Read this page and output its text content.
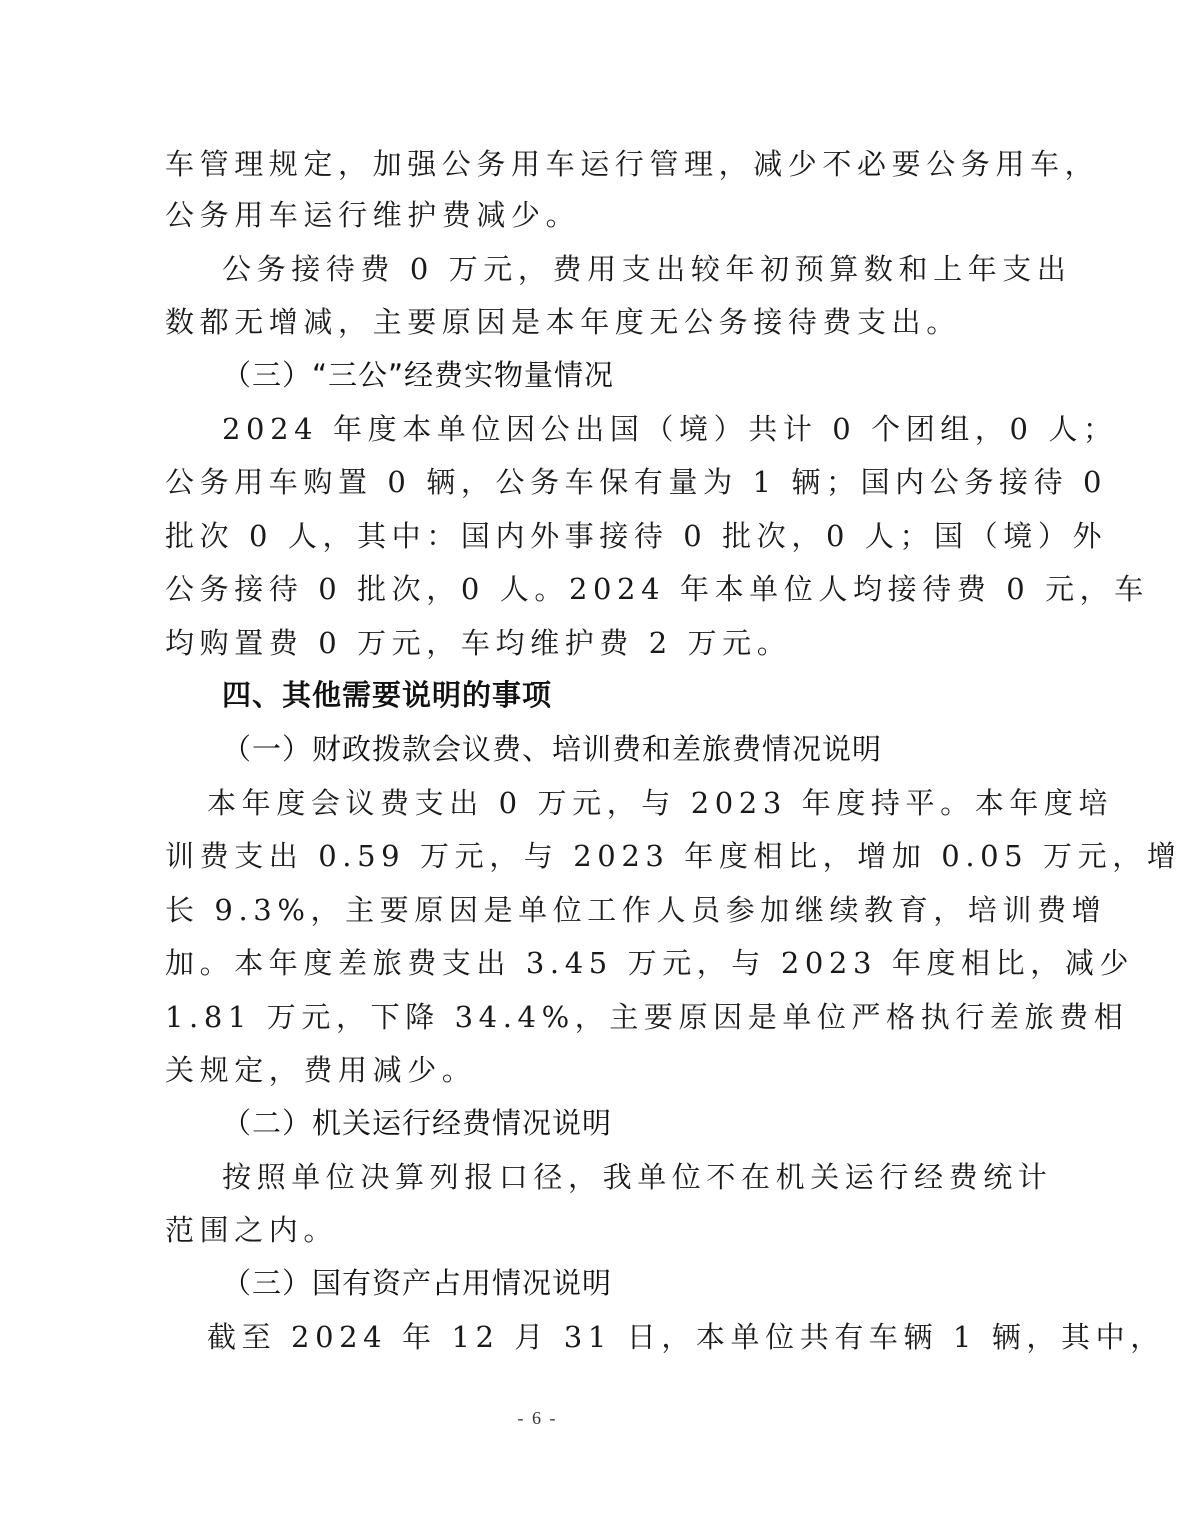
车管理规定，加强公务用车运行管理，减少不必要公务用车，
公务用车运行维护费减少。
公务接待费 0 万元，费用支出较年初预算数和上年支出
数都无增减，主要原因是本年度无公务接待费支出。
（三）“三公”经费实物量情况
2024 年度本单位因公出国（境）共计 0 个团组，0 人；
公务用车购置 0 辆，公务车保有量为 1 辆；国内公务接待 0
批次 0 人，其中：国内外事接待 0 批次，0 人；国（境）外
公务接待 0 批次，0 人。2024 年本单位人均接待费 0 元，车
均购置费 0 万元，车均维护费 2 万元。
四、其他需要说明的事项
（一）财政拨款会议费、培训费和差旅费情况说明
本年度会议费支出 0 万元，与 2023 年度持平。本年度培
训费支出 0.59 万元，与 2023 年度相比，增加 0.05 万元，增
长 9.3%，主要原因是单位工作人员参加继续教育，培训费增
加。本年度差旅费支出 3.45 万元，与 2023 年度相比，减少
1.81 万元，下降 34.4%，主要原因是单位严格执行差旅费相
关规定，费用减少。
（二）机关运行经费情况说明
按照单位决算列报口径，我单位不在机关运行经费统计
范围之内。
（三）国有资产占用情况说明
截至 2024 年 12 月 31 日，本单位共有车辆 1 辆，其中，
- 6 -
